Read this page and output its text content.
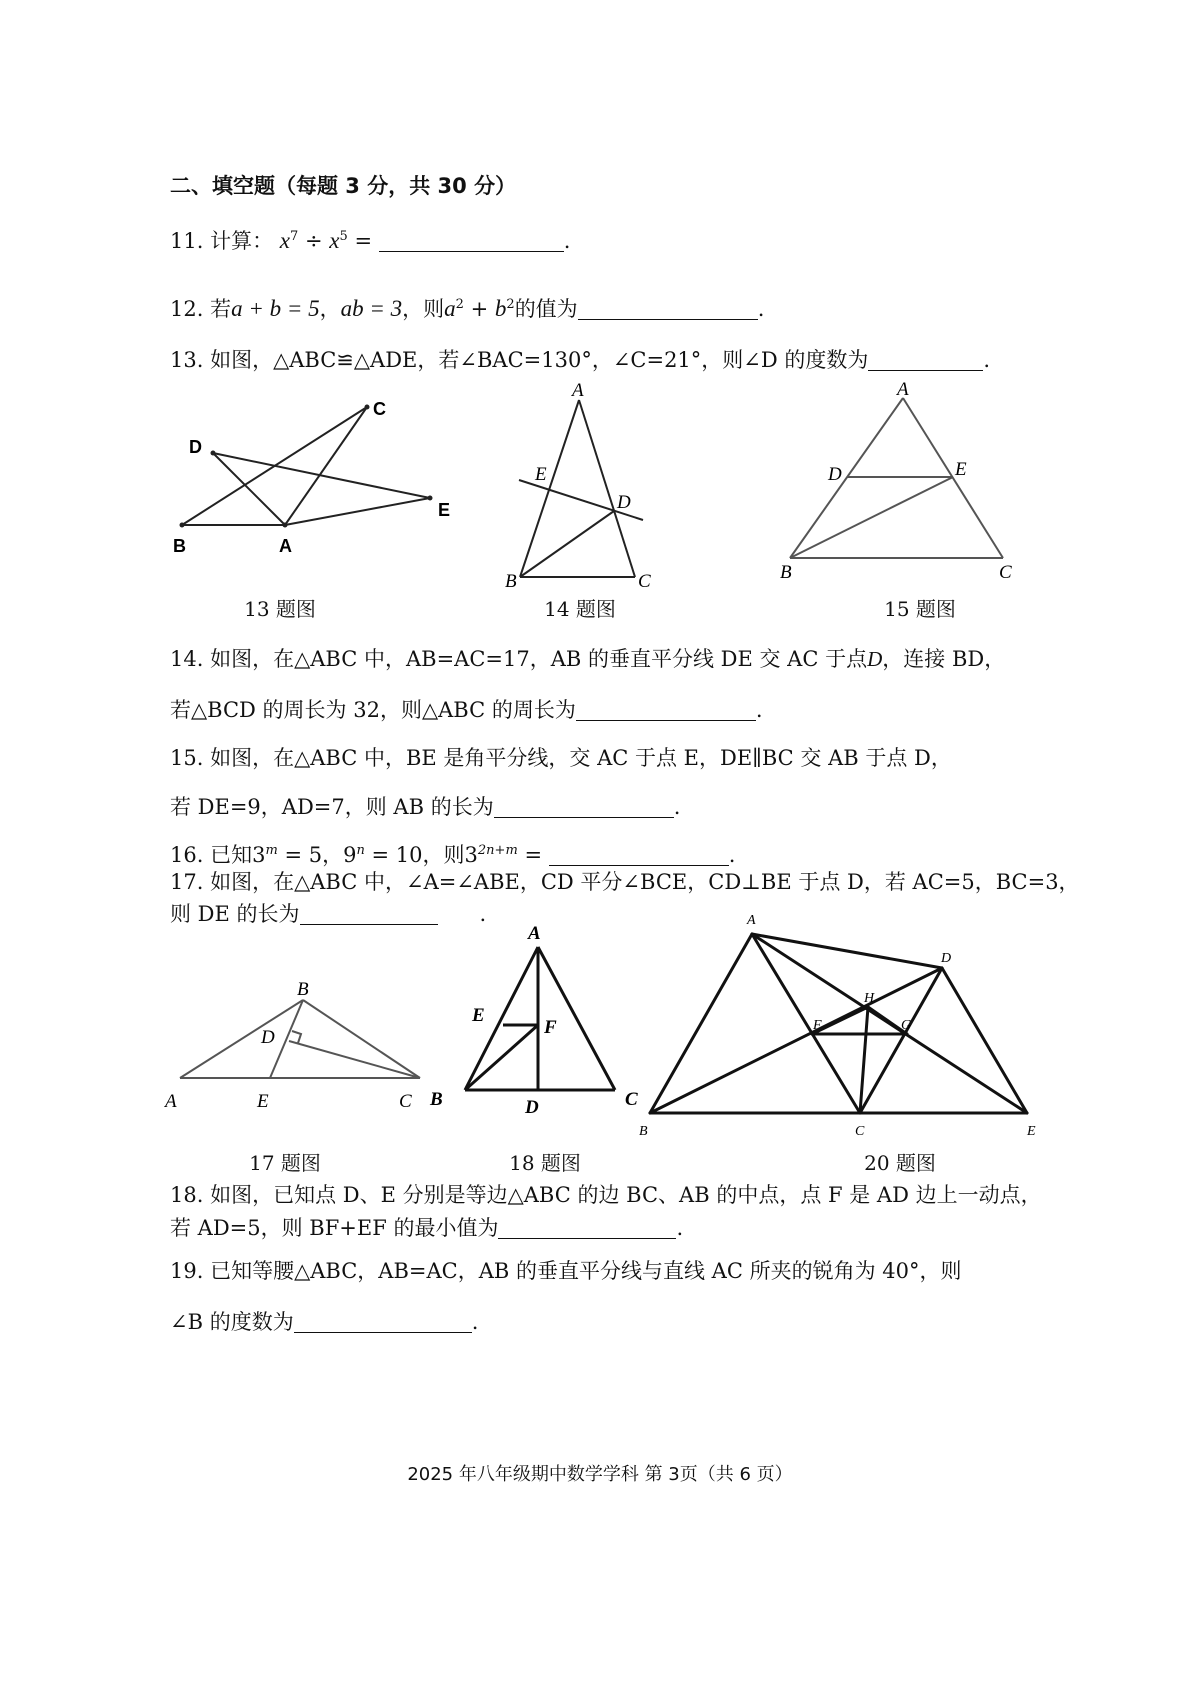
二、填空题（每题 3 分，共 30 分）
11. 计算： $x^7 \div x^5$ =	.
12. 若a + b = 5，ab = 3，则$a^2 + b^2$的值为	.
13. 如图，△ABC≌△ADE，若∠BAC=130°，∠C=21°，则∠D 的度数为	.
B	A
C
D
E
13 题图
A
B	C
D
E
14 题图
A
D	E
B	C
15 题图
14. 如图，在△ABC 中，AB=AC=17，AB 的垂直平分线 DE 交 AC 于点D，连接 BD，
若△BCD 的周长为 32，则△ABC 的周长为	.
15. 如图，在△ABC 中，BE 是角平分线，交 AC 于点 E，DE∥BC 交 AB 于点 D，
若 DE=9，AD=7，则 AB 的长为	.
16. 已知$3^m = 5$，$9^n = 10$，则$3^{2n+m}$ =	.
17. 如图，在△ABC 中，∠A=∠ABE，CD 平分∠BCE，CD⊥BE 于点 D，若 AC=5，BC=3，
则 DE 的长为	.
B
D
A	E	C
17 题图
A
E
F
B	D	C
18 题图
A
D
H
F	G
B	C	E
20 题图
18. 如图，已知点 D、E 分别是等边△ABC 的边 BC、AB 的中点，点 F 是 AD 边上一动点，
若 AD=5，则 BF+EF 的最小值为	.
19. 已知等腰△ABC，AB=AC，AB 的垂直平分线与直线 AC 所夹的锐角为 40°，则
∠B 的度数为	.
2025 年八年级期中数学学科 第 3页（共 6 页）
